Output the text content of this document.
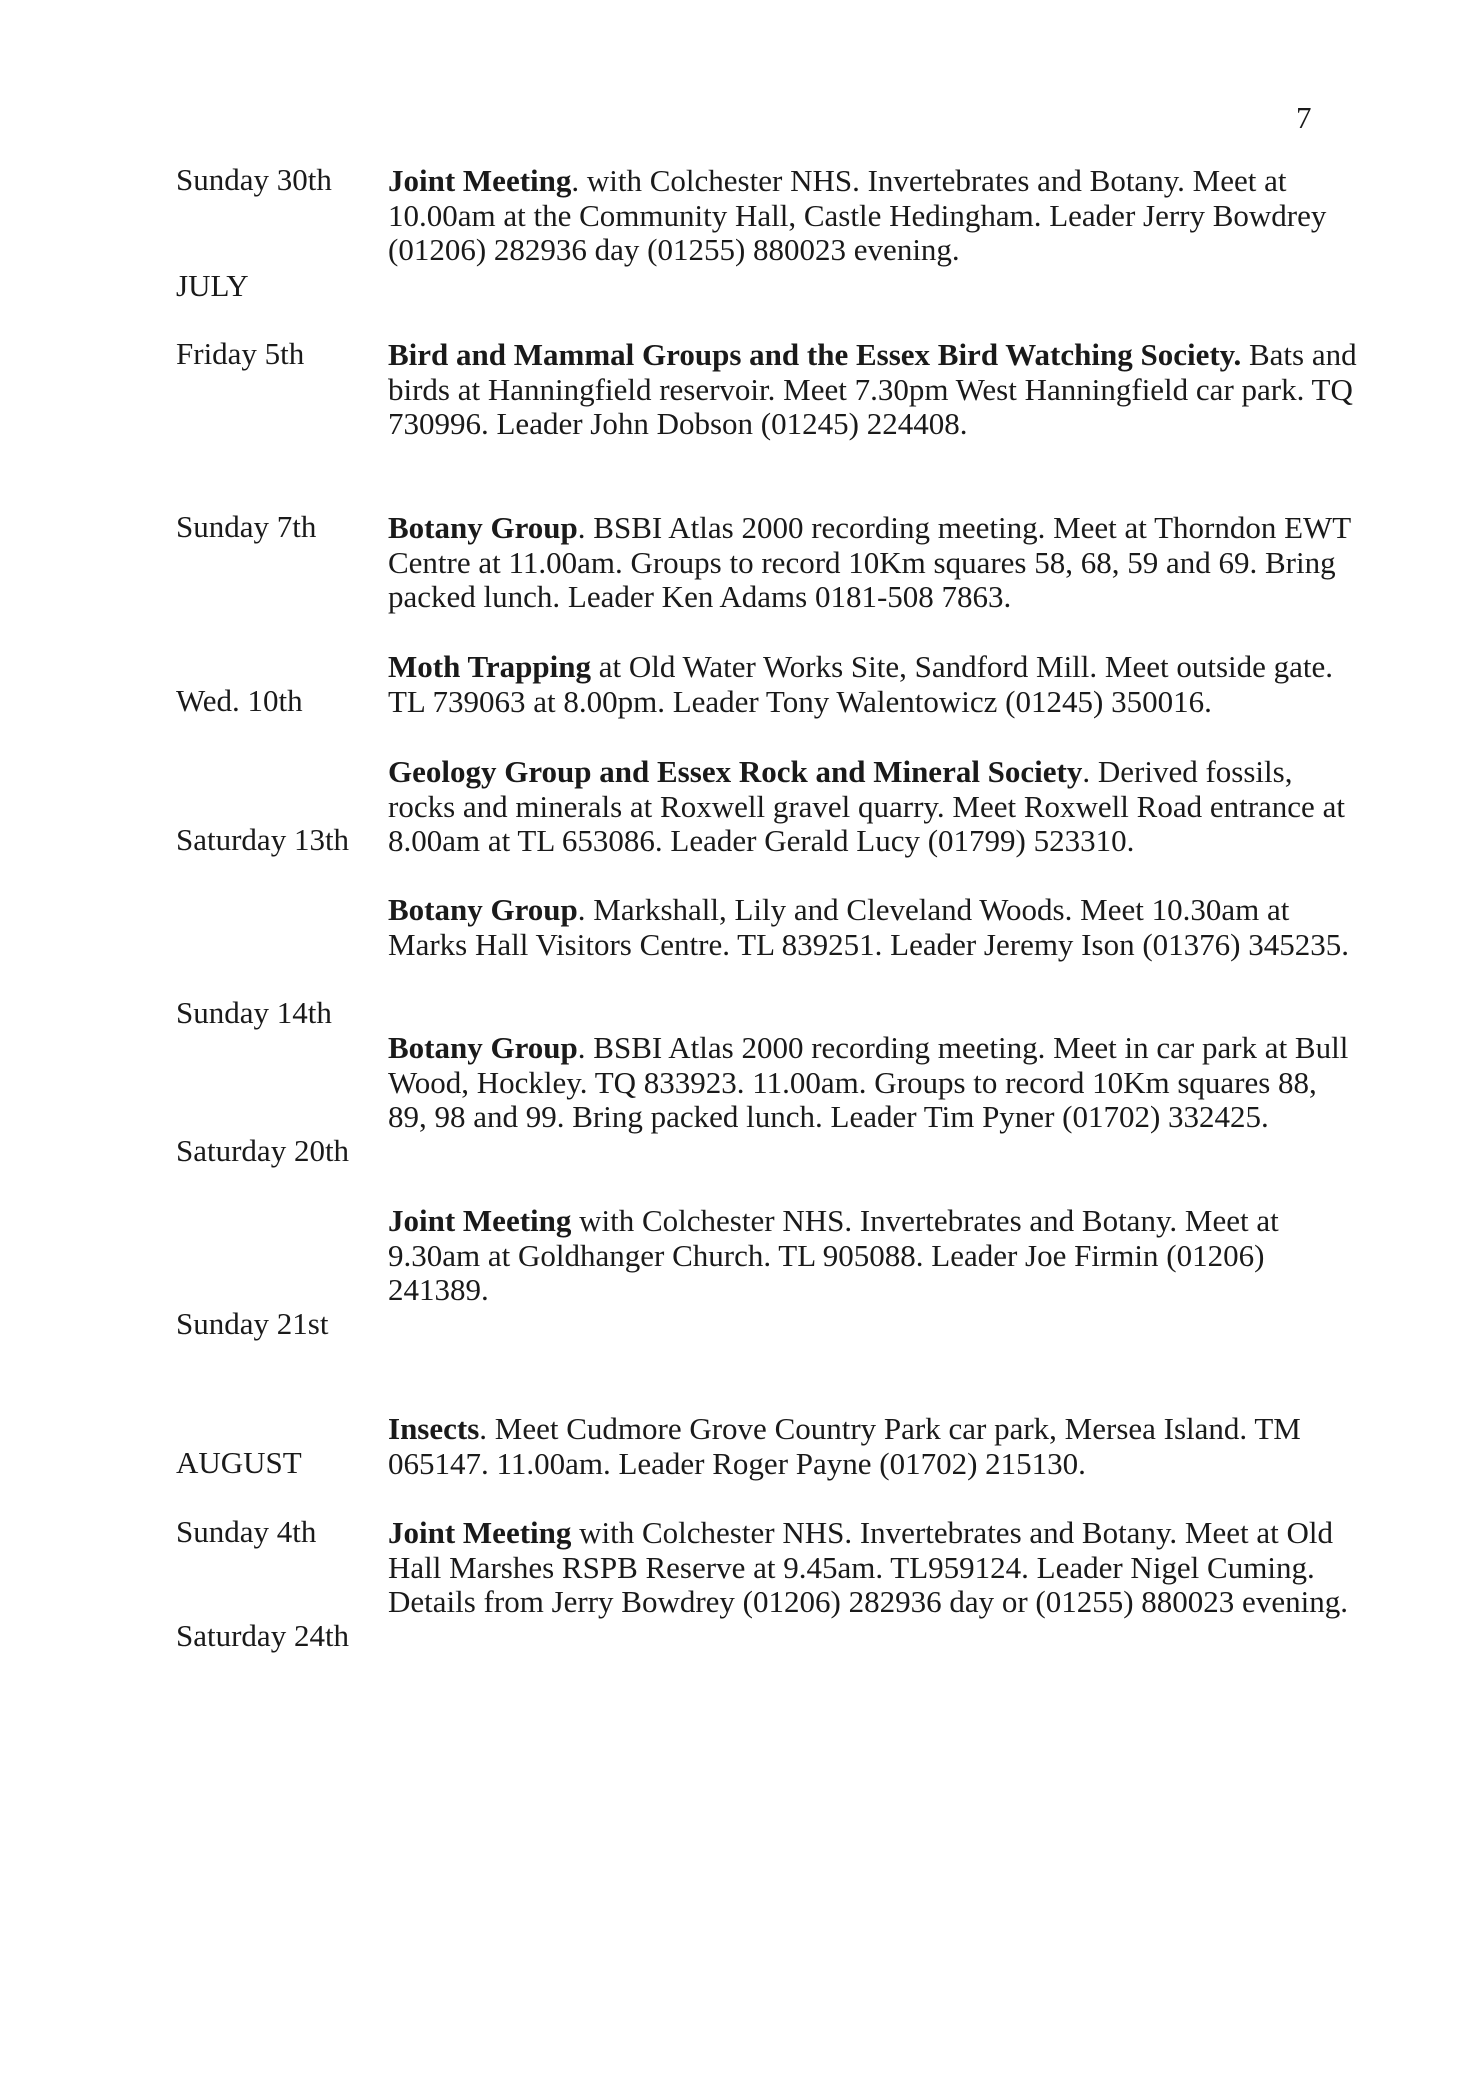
7
Sunday 30th
JULY
Friday 5th
Sunday 7th
Wed. 10th
Saturday 13th
Sunday 14th
Saturday 20th
Sunday 21st
AUGUST
Sunday 4th
Saturday 24th
Joint Meeting. with Colchester NHS. Invertebrates and Botany. Meet at 10.00am at the Community Hall, Castle Hedingham. Leader Jerry Bowdrey (01206) 282936 day (01255) 880023 evening.
Bird and Mammal Groups and the Essex Bird Watching Society. Bats and birds at Hanningfield reservoir. Meet 7.30pm West Hanningfield car park. TQ 730996. Leader John Dobson (01245) 224408.
Botany Group. BSBI Atlas 2000 recording meeting. Meet at Thorndon EWT Centre at 11.00am. Groups to record 10Km squares 58, 68, 59 and 69. Bring packed lunch. Leader Ken Adams 0181-508 7863.
Moth Trapping at Old Water Works Site, Sandford Mill. Meet outside gate. TL 739063 at 8.00pm. Leader Tony Walentowicz (01245) 350016.
Geology Group and Essex Rock and Mineral Society. Derived fossils, rocks and minerals at Roxwell gravel quarry. Meet Roxwell Road entrance at 8.00am at TL 653086. Leader Gerald Lucy (01799) 523310.
Botany Group. Markshall, Lily and Cleveland Woods. Meet 10.30am at Marks Hall Visitors Centre. TL 839251. Leader Jeremy Ison (01376) 345235.
Botany Group. BSBI Atlas 2000 recording meeting. Meet in car park at Bull Wood, Hockley. TQ 833923. 11.00am. Groups to record 10Km squares 88, 89, 98 and 99. Bring packed lunch. Leader Tim Pyner (01702) 332425.
Joint Meeting with Colchester NHS. Invertebrates and Botany. Meet at 9.30am at Goldhanger Church. TL 905088. Leader Joe Firmin (01206) 241389.
Insects. Meet Cudmore Grove Country Park car park, Mersea Island. TM 065147. 11.00am. Leader Roger Payne (01702) 215130.
Joint Meeting with Colchester NHS. Invertebrates and Botany. Meet at Old Hall Marshes RSPB Reserve at 9.45am. TL959124. Leader Nigel Cuming. Details from Jerry Bowdrey (01206) 282936 day or (01255) 880023 evening.
